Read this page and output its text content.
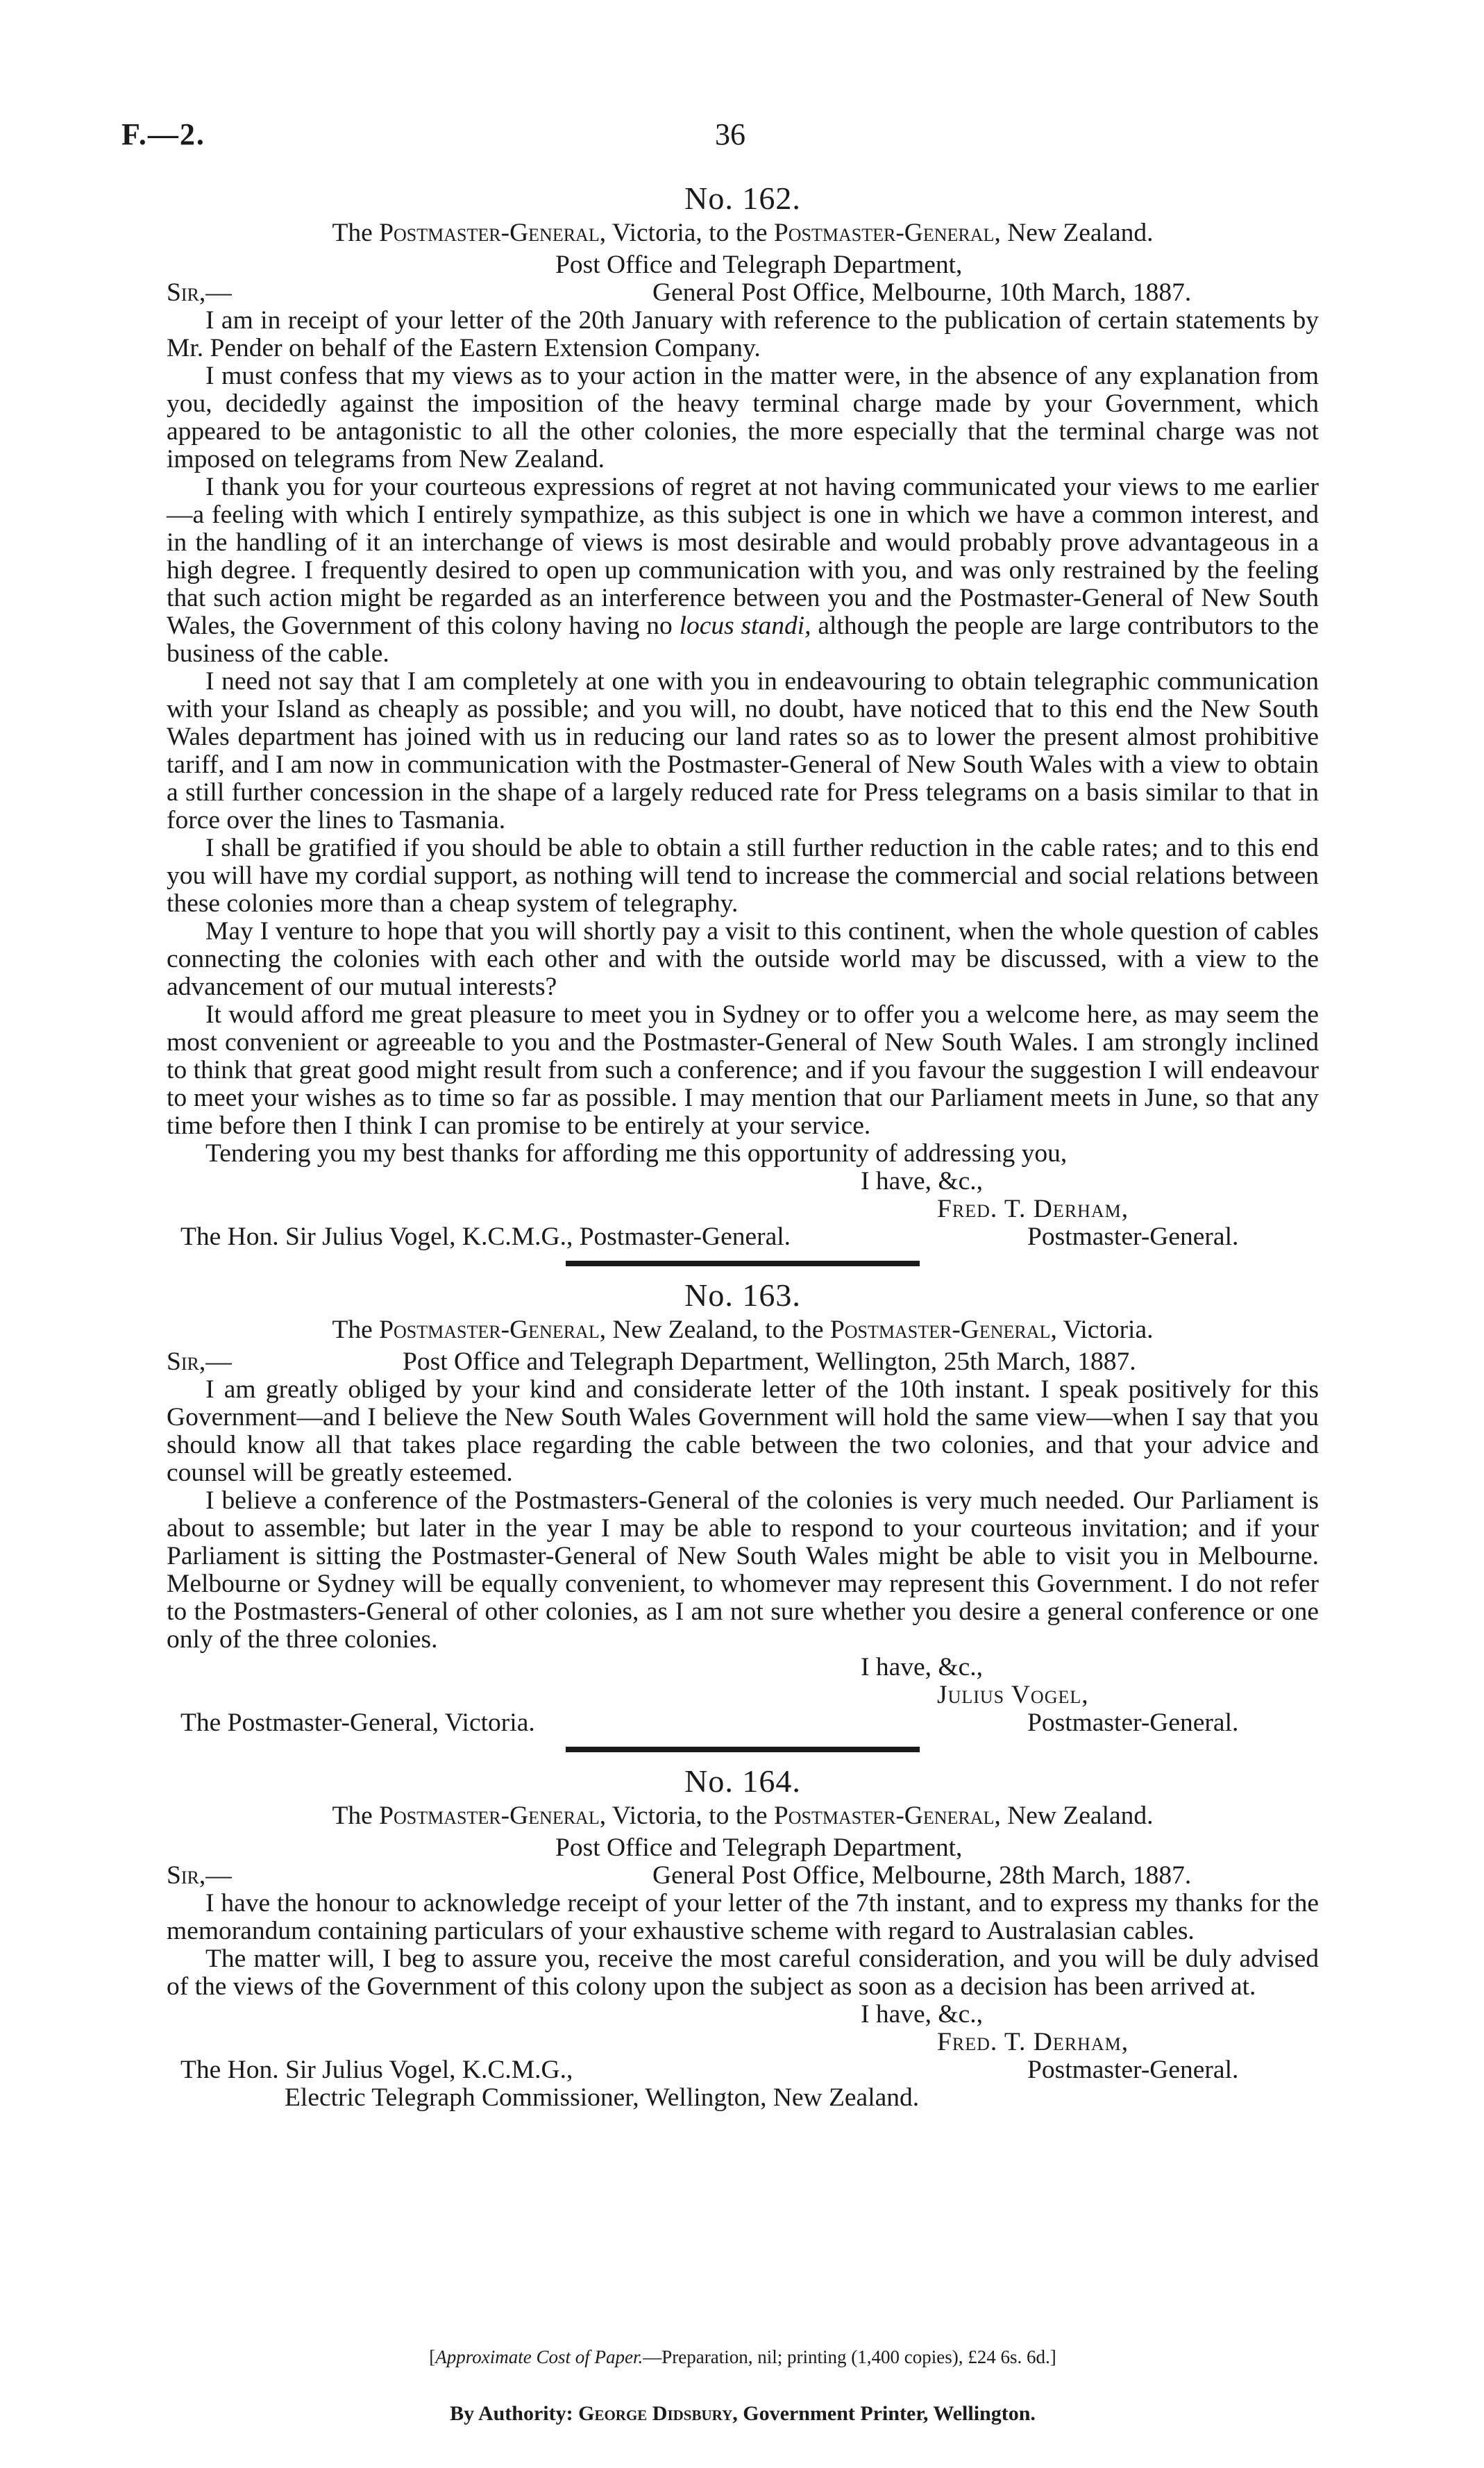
F.—2.	36
No. 162.
The Postmaster-General, Victoria, to the Postmaster-General, New Zealand.
Post Office and Telegraph Department,
Sir,—	General Post Office, Melbourne, 10th March, 1887.

I am in receipt of your letter of the 20th January with reference to the publication of certain statements by Mr. Pender on behalf of the Eastern Extension Company.

I must confess that my views as to your action in the matter were, in the absence of any explanation from you, decidedly against the imposition of the heavy terminal charge made by your Government, which appeared to be antagonistic to all the other colonies, the more especially that the terminal charge was not imposed on telegrams from New Zealand.

I thank you for your courteous expressions of regret at not having communicated your views to me earlier—a feeling with which I entirely sympathize, as this subject is one in which we have a common interest, and in the handling of it an interchange of views is most desirable and would probably prove advantageous in a high degree. I frequently desired to open up communication with you, and was only restrained by the feeling that such action might be regarded as an interference between you and the Postmaster-General of New South Wales, the Government of this colony having no locus standi, although the people are large contributors to the business of the cable.

I need not say that I am completely at one with you in endeavouring to obtain telegraphic communication with your Island as cheaply as possible; and you will, no doubt, have noticed that to this end the New South Wales department has joined with us in reducing our land rates so as to lower the present almost prohibitive tariff, and I am now in communication with the Postmaster-General of New South Wales with a view to obtain a still further concession in the shape of a largely reduced rate for Press telegrams on a basis similar to that in force over the lines to Tasmania.

I shall be gratified if you should be able to obtain a still further reduction in the cable rates; and to this end you will have my cordial support, as nothing will tend to increase the commercial and social relations between these colonies more than a cheap system of telegraphy.

May I venture to hope that you will shortly pay a visit to this continent, when the whole question of cables connecting the colonies with each other and with the outside world may be discussed, with a view to the advancement of our mutual interests?

It would afford me great pleasure to meet you in Sydney or to offer you a welcome here, as may seem the most convenient or agreeable to you and the Postmaster-General of New South Wales. I am strongly inclined to think that great good might result from such a conference; and if you favour the suggestion I will endeavour to meet your wishes as to time so far as possible. I may mention that our Parliament meets in June, so that any time before then I think I can promise to be entirely at your service.

Tendering you my best thanks for affording me this opportunity of addressing you,

I have, &c.,
Fred. T. Derham,
The Hon. Sir Julius Vogel, K.C.M.G., Postmaster-General.	Postmaster-General.
No. 163.
The Postmaster-General, New Zealand, to the Postmaster-General, Victoria.
Sir,—	Post Office and Telegraph Department, Wellington, 25th March, 1887.

I am greatly obliged by your kind and considerate letter of the 10th instant. I speak positively for this Government—and I believe the New South Wales Government will hold the same view—when I say that you should know all that takes place regarding the cable between the two colonies, and that your advice and counsel will be greatly esteemed.

I believe a conference of the Postmasters-General of the colonies is very much needed. Our Parliament is about to assemble; but later in the year I may be able to respond to your courteous invitation; and if your Parliament is sitting the Postmaster-General of New South Wales might be able to visit you in Melbourne. Melbourne or Sydney will be equally convenient, to whomever may represent this Government. I do not refer to the Postmasters-General of other colonies, as I am not sure whether you desire a general conference or one only of the three colonies.

I have, &c.,
Julius Vogel,
The Postmaster-General, Victoria.	Postmaster-General.
No. 164.
The Postmaster-General, Victoria, to the Postmaster-General, New Zealand.
Post Office and Telegraph Department,
Sir,—	General Post Office, Melbourne, 28th March, 1887.

I have the honour to acknowledge receipt of your letter of the 7th instant, and to express my thanks for the memorandum containing particulars of your exhaustive scheme with regard to Australasian cables.

The matter will, I beg to assure you, receive the most careful consideration, and you will be duly advised of the views of the Government of this colony upon the subject as soon as a decision has been arrived at.

I have, &c.,
Fred. T. Derham,
The Hon. Sir Julius Vogel, K.C.M.G.,	Postmaster-General.
Electric Telegraph Commissioner, Wellington, New Zealand.
[Approximate Cost of Paper.—Preparation, nil; printing (1,400 copies), £24 6s. 6d.]
By Authority: George Didsbury, Government Printer, Wellington.
